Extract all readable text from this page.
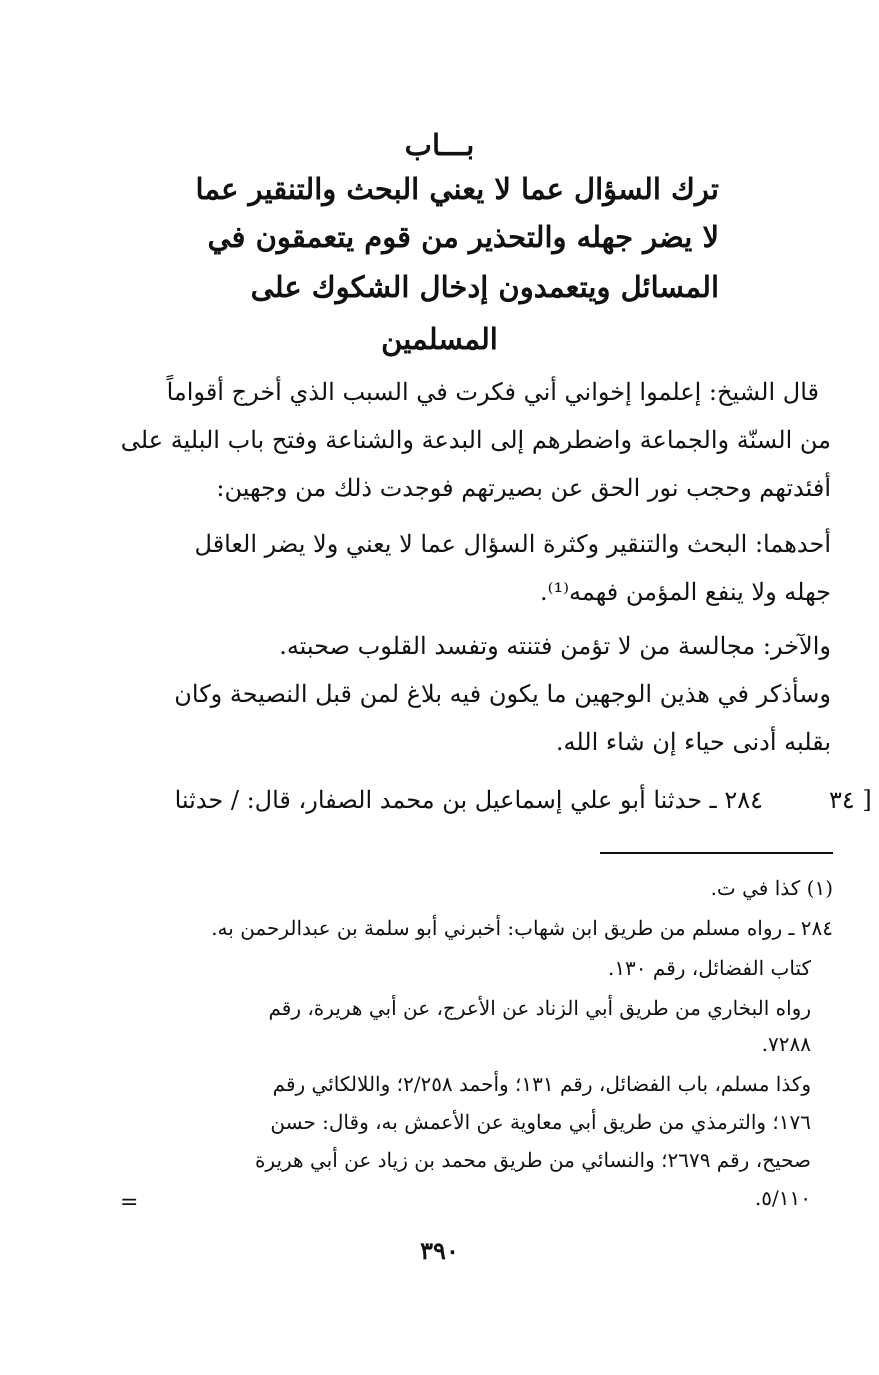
بـــاب
ترك السؤال عما لا يعني البحث والتنقير عما
لا يضر جهله والتحذير من قوم يتعمقون في
المسائل ويتعمدون إدخال الشكوك على
المسلمين
قال الشيخ: إعلموا إخواني أني فكرت في السبب الذي أخرج أقواماً
من السنّة والجماعة واضطرهم إلى البدعة والشناعة وفتح باب البلية على
أفئدتهم وحجب نور الحق عن بصيرتهم فوجدت ذلك من وجهين:
أحدهما: البحث والتنقير وكثرة السؤال عما لا يعني ولا يضر العاقل
جهله ولا ينفع المؤمن فهمه⁽¹⁾.
والآخر: مجالسة من لا تؤمن فتنته وتفسد القلوب صحبته.
وسأذكر في هذين الوجهين ما يكون فيه بلاغ لمن قبل النصيحة وكان
بقلبه أدنى حياء إن شاء الله.
٢٨٤ ـ حدثنا أبو علي إسماعيل بن محمد الصفار، قال: / حدثنا	[ ٣٤
(١) كذا في ت.
٢٨٤ ـ رواه مسلم من طريق ابن شهاب: أخبرني أبو سلمة بن عبدالرحمن به.
كتاب الفضائل، رقم ١٣٠.
رواه البخاري من طريق أبي الزناد عن الأعرج، عن أبي هريرة، رقم
٧٢٨٨.
وكذا مسلم، باب الفضائل، رقم ١٣١؛ وأحمد ٢/٢٥٨؛ واللالكائي رقم
١٧٦؛ والترمذي من طريق أبي معاوية عن الأعمش به، وقال: حسن
صحيح، رقم ٢٦٧٩؛ والنسائي من طريق محمد بن زياد عن أبي هريرة
٥/١١٠.
=
٣٩٠
